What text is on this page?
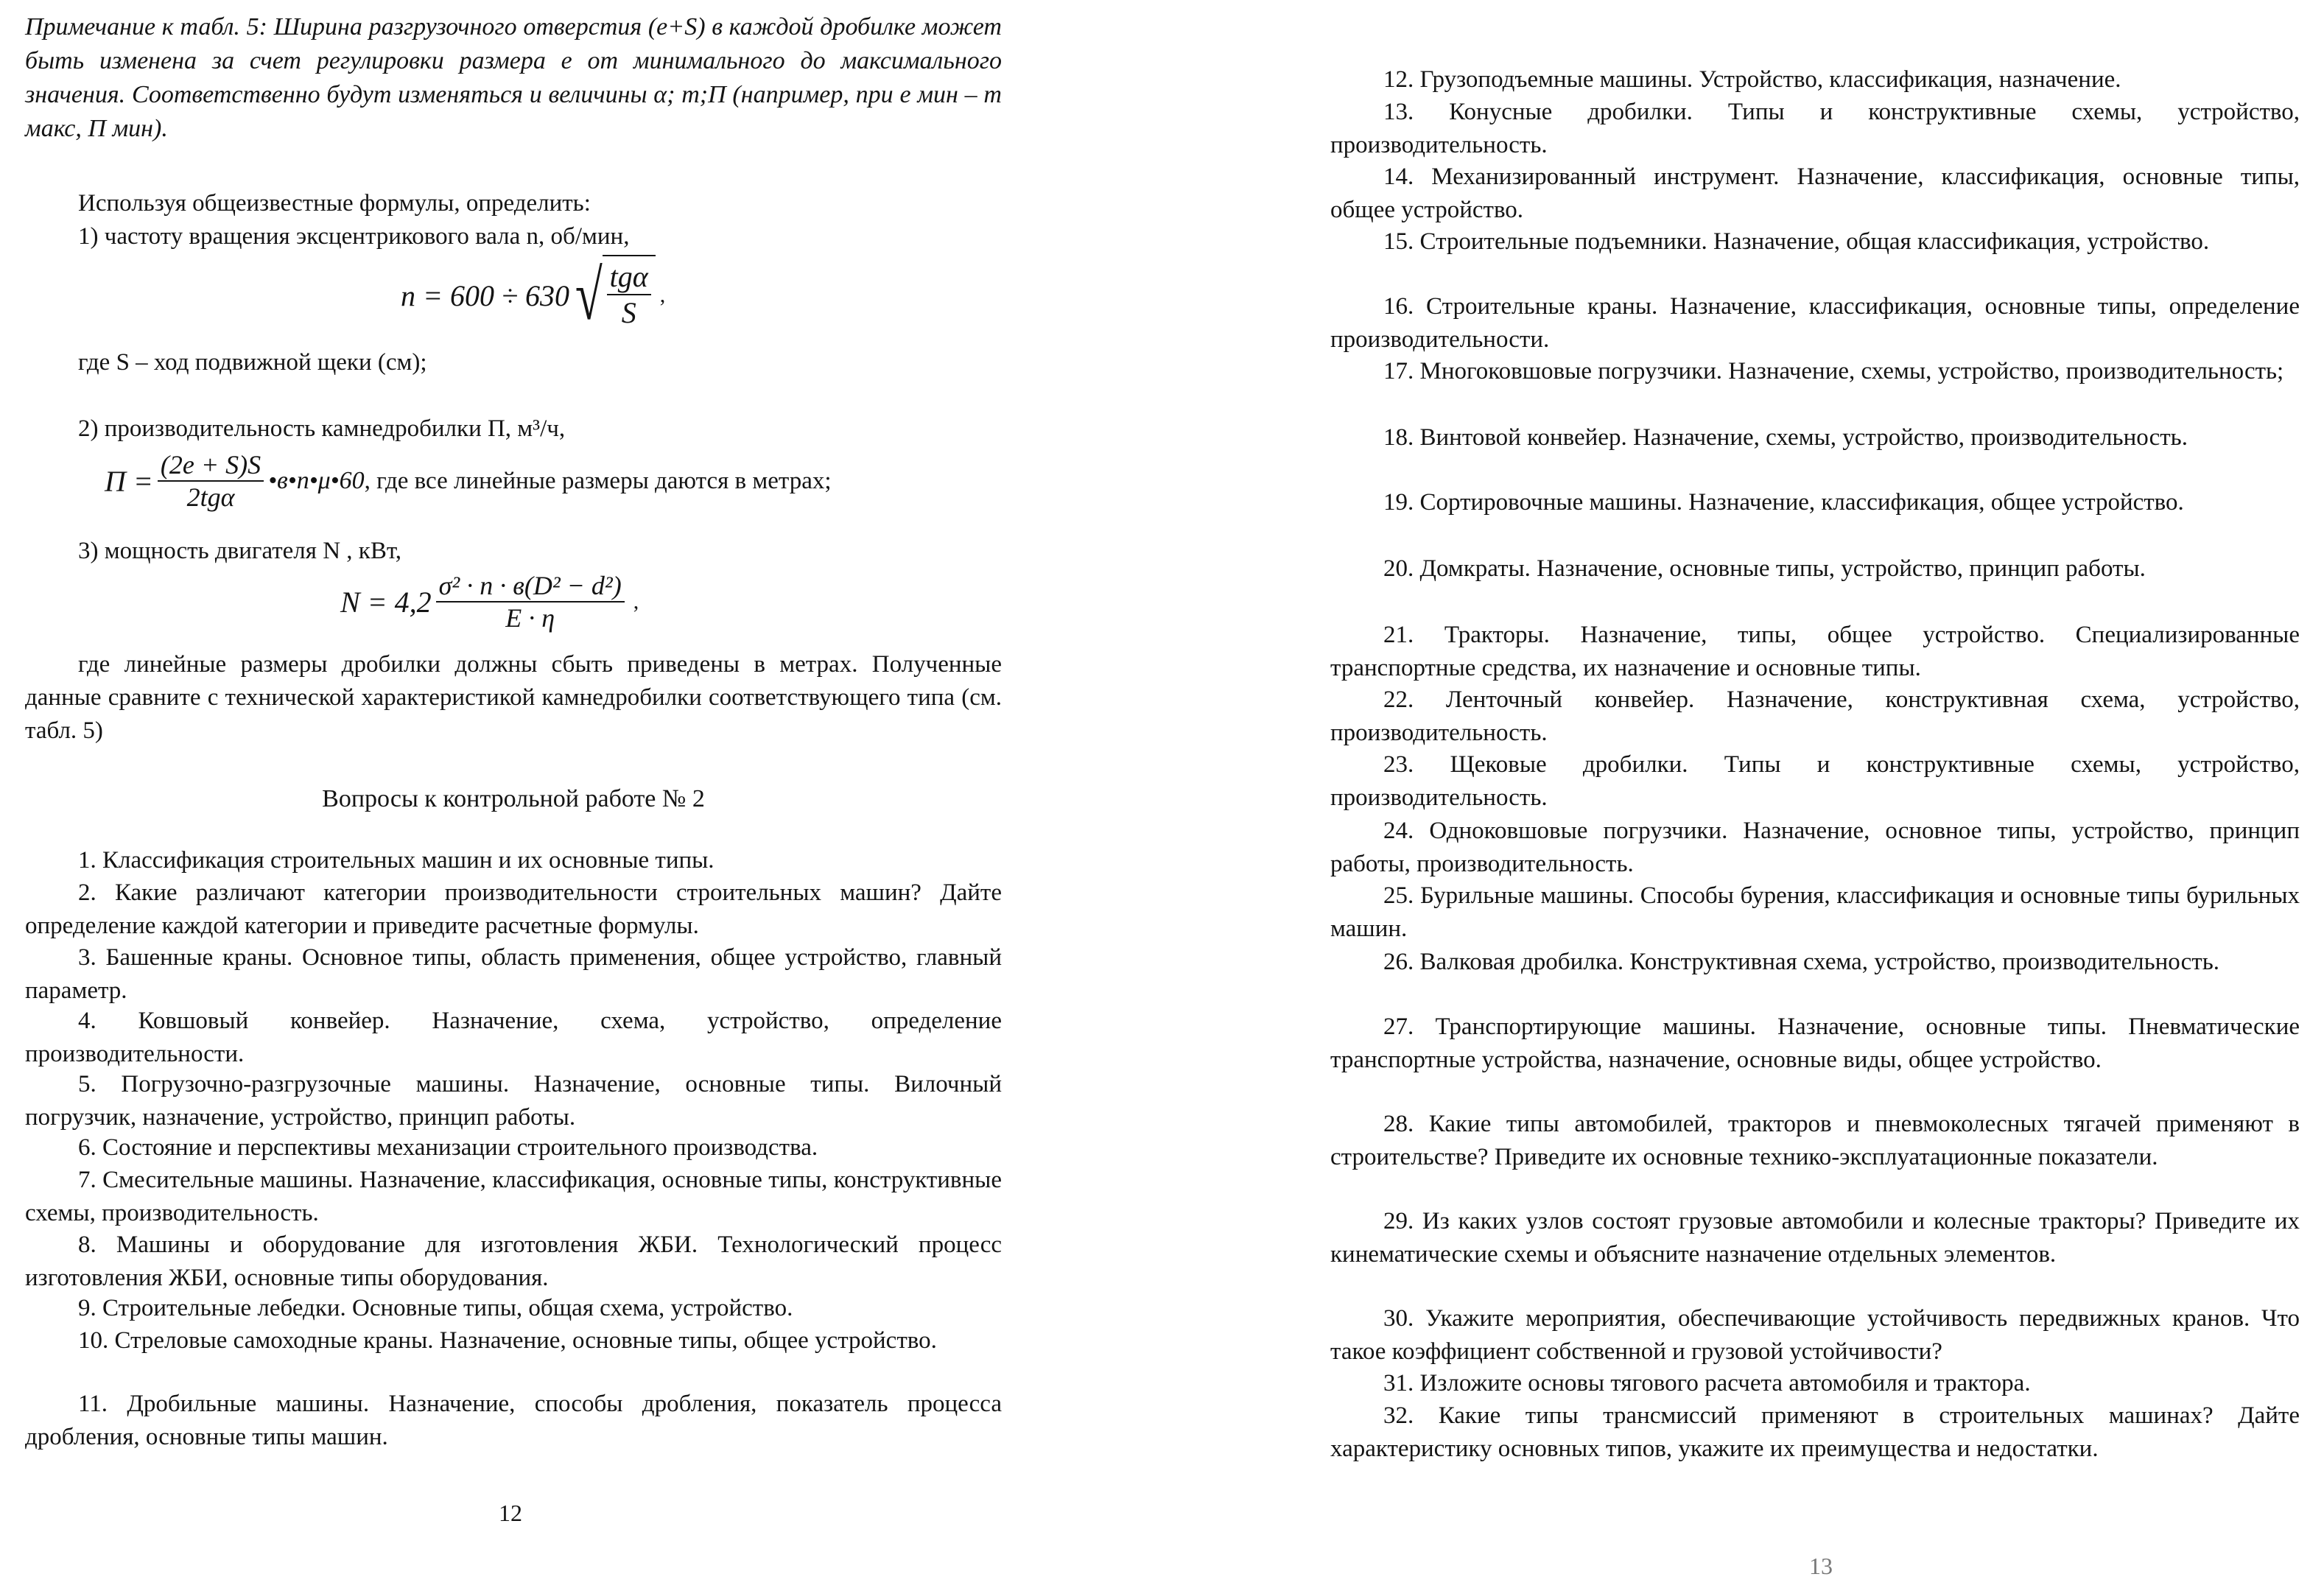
Примечание к табл. 5: Ширина разгрузочного отверстия (е+S) в каждой дробилке может быть изменена за счет регулировки размера е от минимального до максимального значения. Соответственно будут изменяться и величины α; т;П (например, при е мин – т макс, П мин).

Используя общеизвестные формулы, определить:

1) частоту вращения эксцентрикового вала n, об/мин,

n = 600 ÷ 630 √ $\frac{\text{tgα}}{S}$ ,

где S – ход подвижной щеки (см);

2) производительность камнедробилки П, м³/ч,

$П = \frac{(2e + S)S}{\text{2tgα}}$ •в•n•μ•60 , где все линейные размеры даются в метрах;

3) мощность двигателя N , кВт,

$N = 4,2 \frac{\text{σ² · n · в(D² − d²)}}{E \cdot \eta}$ ,

где линейные размеры дробилки должны сбыть приведены в метрах. Полученные данные сравните с технической характеристикой камнедробилки соответствующего типа (см. табл. 5)

Вопросы к контрольной работе № 2

1. Классификация строительных машин и их основные типы.

2. Какие различают категории производительности строительных машин? Дайте определение каждой категории и приведите расчетные формулы.

3. Башенные краны. Основное типы, область применения, общее устройство, главный параметр.

4. Ковшовый конвейер. Назначение, схема, устройство, определение производительности.

5. Погрузочно-разгрузочные машины. Назначение, основные типы. Вилочный погрузчик, назначение, устройство, принцип работы.

6. Состояние и перспективы механизации строительного производства.

7. Смесительные машины. Назначение, классификация, основные типы, конструктивные схемы, производительность.

8. Машины и оборудование для изготовления ЖБИ. Технологический процесс изготовления ЖБИ, основные типы оборудования.

9. Строительные лебедки. Основные типы, общая схема, устройство.

10. Стреловые самоходные краны. Назначение, основные типы, общее устройство.

11. Дробильные машины. Назначение, способы дробления, показатель процесса дробления, основные типы машин.

12

12. Грузоподъемные машины. Устройство, классификация, назначение.

13. Конусные дробилки. Типы и конструктивные схемы, устройство, производительность.

14. Механизированный инструмент. Назначение, классификация, основные типы, общее устройство.

15. Строительные подъемники. Назначение, общая классификация, устройство.

16. Строительные краны. Назначение, классификация, основные типы, определение производительности.

17. Многоковшовые погрузчики. Назначение, схемы, устройство, производительность;

18. Винтовой конвейер. Назначение, схемы, устройство, производительность.

19. Сортировочные машины. Назначение, классификация, общее устройство.

20. Домкраты. Назначение, основные типы, устройство, принцип работы.

21. Тракторы. Назначение, типы, общее устройство. Специализированные транспортные средства, их назначение и основные типы.

22. Ленточный конвейер. Назначение, конструктивная схема, устройство, производительность.

23. Щековые дробилки. Типы и конструктивные схемы, устройство, производительность.

24. Одноковшовые погрузчики. Назначение, основное типы, устройство, принцип работы, производительность.

25. Бурильные машины. Способы бурения, классификация и основные типы бурильных машин.

26. Валковая дробилка. Конструктивная схема, устройство, производительность.

27. Транспортирующие машины. Назначение, основные типы. Пневматические транспортные устройства, назначение, основные виды, общее устройство.

28. Какие типы автомобилей, тракторов и пневмоколесных тягачей применяют в строительстве? Приведите их основные технико-эксплуатационные показатели.

29. Из каких узлов состоят грузовые автомобили и колесные тракторы? Приведите их кинематические схемы и объясните назначение отдельных элементов.

30. Укажите мероприятия, обеспечивающие устойчивость передвижных кранов. Что такое коэффициент собственной и грузовой устойчивости?

31. Изложите основы тягового расчета автомобиля и трактора.

32. Какие типы трансмиссий применяют в строительных машинах? Дайте характеристику основных типов, укажите их преимущества и недостатки.

13
